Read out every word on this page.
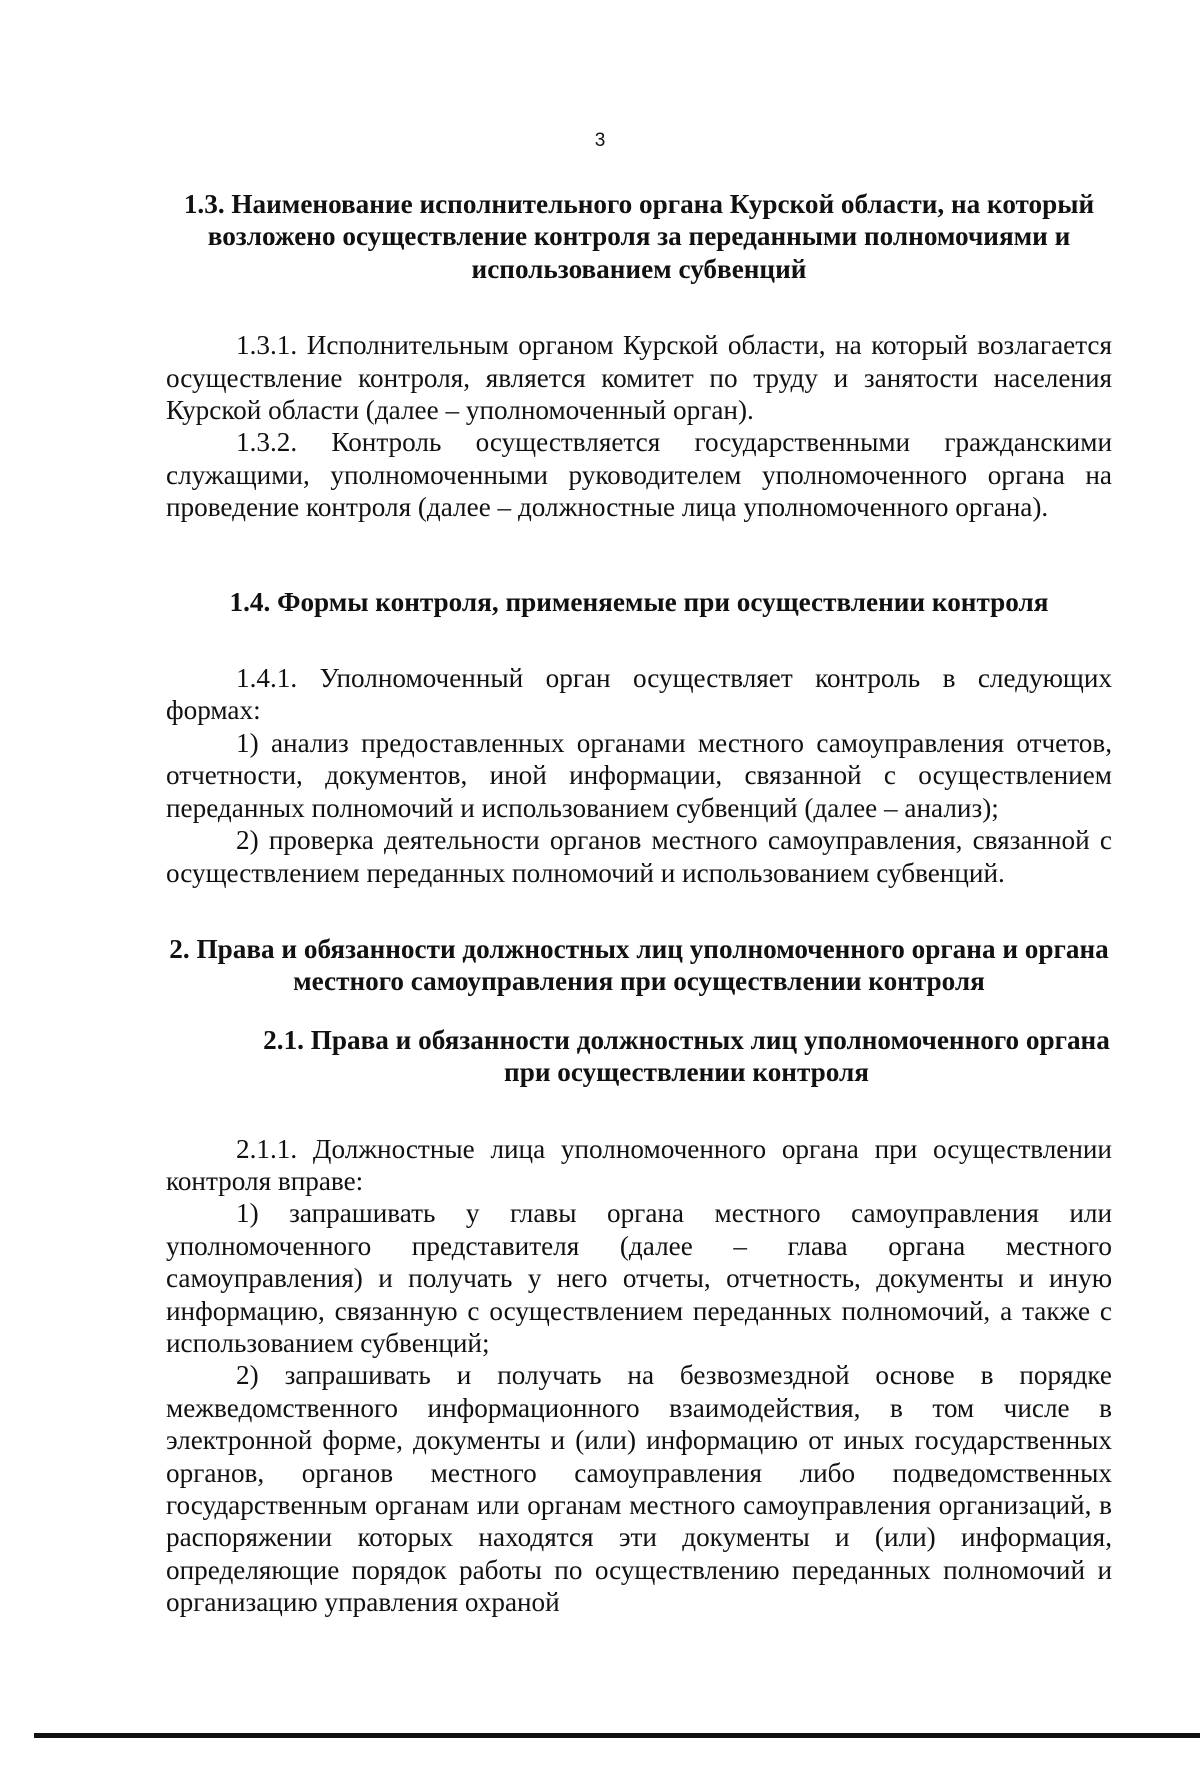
3
1.3. Наименование исполнительного органа Курской области, на который возложено осуществление контроля за переданными полномочиями и использованием субвенций

1.3.1. Исполнительным органом Курской области, на который возлагается осуществление контроля, является комитет по труду и занятости населения Курской области (далее – уполномоченный орган).

1.3.2. Контроль осуществляется государственными гражданскими служащими, уполномоченными руководителем уполномоченного органа на проведение контроля (далее – должностные лица уполномоченного органа).

1.4. Формы контроля, применяемые при осуществлении контроля

1.4.1. Уполномоченный орган осуществляет контроль в следующих формах:

1) анализ предоставленных органами местного самоуправления отчетов, отчетности, документов, иной информации, связанной с осуществлением переданных полномочий и использованием субвенций (далее – анализ);

2) проверка деятельности органов местного самоуправления, связанной с осуществлением переданных полномочий и использованием субвенций.

2. Права и обязанности должностных лиц уполномоченного органа и органа местного самоуправления при осуществлении контроля
2.1. Права и обязанности должностных лиц уполномоченного органа при осуществлении контроля

2.1.1. Должностные лица уполномоченного органа при осуществлении контроля вправе:

1) запрашивать у главы органа местного самоуправления или уполномоченного представителя (далее – глава органа местного самоуправления) и получать у него отчеты, отчетность, документы и иную информацию, связанную с осуществлением переданных полномочий, а также с использованием субвенций;

2) запрашивать и получать на безвозмездной основе в порядке межведомственного информационного взаимодействия, в том числе в электронной форме, документы и (или) информацию от иных государственных органов, органов местного самоуправления либо подведомственных государственным органам или органам местного самоуправления организаций, в распоряжении которых находятся эти документы и (или) информация, определяющие порядок работы по осуществлению переданных полномочий и организацию управления охраной
